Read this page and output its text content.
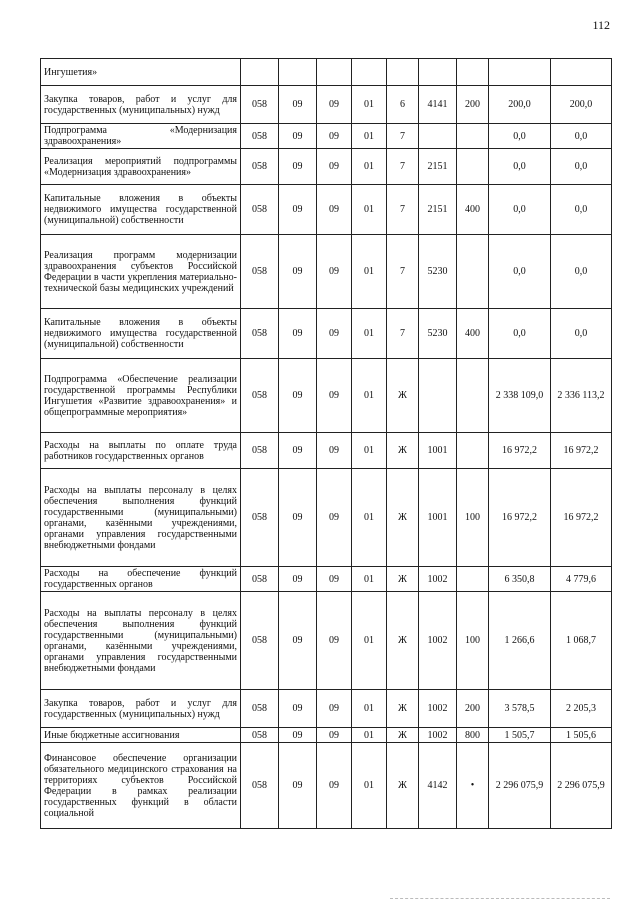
112
Ингушетия»									
Закупка товаров, работ и услуг для государственных (муниципальных) нужд	058	09	09	01	6	4141	200	200,0	200,0
Подпрограмма «Модернизация здравоохранения»	058	09	09	01	7			0,0	0,0
Реализация мероприятий подпрограммы «Модернизация здравоохранения»	058	09	09	01	7	2151		0,0	0,0
Капитальные вложения в объекты недвижимого имущества государственной (муниципальной) собственности	058	09	09	01	7	2151	400	0,0	0,0
Реализация программ модернизации здравоохранения субъектов Российской Федерации в части укрепления материально-технической базы медицинских учреждений	058	09	09	01	7	5230		0,0	0,0
Капитальные вложения в объекты недвижимого имущества государственной (муниципальной) собственности	058	09	09	01	7	5230	400	0,0	0,0
Подпрограмма «Обеспечение реализации государственной программы Республики Ингушетия «Развитие здравоохранения» и общепрограммные мероприятия»	058	09	09	01	Ж			2 338 109,0	2 336 113,2
Расходы на выплаты по оплате труда работников государственных органов	058	09	09	01	Ж	1001		16 972,2	16 972,2
Расходы на выплаты персоналу в целях обеспечения выполнения функций государственными (муниципальными) органами, казёнными учреждениями, органами управления государственными внебюджетными фондами	058	09	09	01	Ж	1001	100	16 972,2	16 972,2
Расходы на обеспечение функций государственных органов	058	09	09	01	Ж	1002		6 350,8	4 779,6
Расходы на выплаты персоналу в целях обеспечения выполнения функций государственными (муниципальными) органами, казёнными учреждениями, органами управления государственными внебюджетными фондами	058	09	09	01	Ж	1002	100	1 266,6	1 068,7
Закупка товаров, работ и услуг для государственных (муниципальных) нужд	058	09	09	01	Ж	1002	200	3 578,5	2 205,3
Иные бюджетные ассигнования	058	09	09	01	Ж	1002	800	1 505,7	1 505,6
Финансовое обеспечение организации обязательного медицинского страхования на территориях субъектов Российской Федерации в рамках реализации государственных функций в области социальной	058	09	09	01	Ж	4142	•	2 296 075,9	2 296 075,9
